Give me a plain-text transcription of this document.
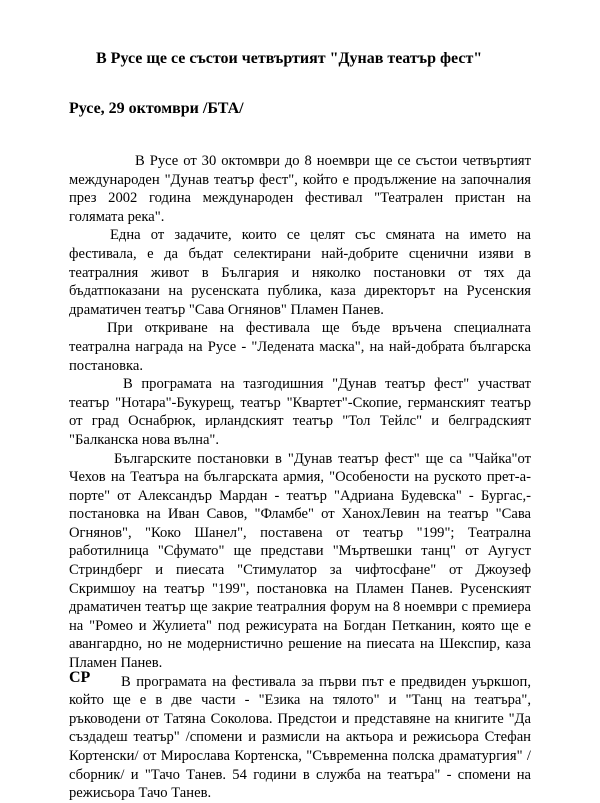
В Русе ще се състои четвъртият "Дунав театър фест"
Русе, 29 октомври /БТА/

В Русе от 30 октомври до 8 ноември ще се състои четвъртият международен "Дунав театър фест", който е продължение на започналия през 2002 година международен фестивал "Театрален пристан на голямата река".

Една от задачите, които се целят със смяната на името на фестивала, е да бъдат селектирани най-добрите сценични изяви в театралния живот в България и няколко постановки от тях да бъдатпоказани на русенската публика, каза директорът на Русенския драматичен театър "Сава Огнянов" Пламен Панев.

При откриване на фестивала ще бъде връчена специалната театрална награда на Русе - "Ледената маска", на най-добрата българска постановка.

В програмата на тазгодишния "Дунав театър фест" участват театър "Нотара"-Букурещ, театър "Квартет"-Скопие, германският театър от град Оснабрюк, ирландският театър "Тол Тейлс" и белградският "Балканска нова вълна".

Българските постановки в "Дунав театър фест" ще са "Чайка"от Чехов на Театъра на българската армия, "Особености на руското прет-а-порте" от Александър Мардан - театър "Адриана Будевска" - Бургас,- постановка на Иван Савов, "Фламбе" от ХанохЛевин на театър "Сава Огнянов", "Коко Шанел", поставена от театър "199"; Театрална работилница "Сфумато" ще представи "Мъртвешки танц" от Аугуст Стриндберг и пиесата "Стимулатор за чифтосфане" от Джоузеф Скримшоу на театър "199", постановка на Пламен Панев. Русенският драматичен театър ще закрие театралния форум на 8 ноември с премиера на "Ромео и Жулиета" под режисурата на Богдан Петканин, която ще е авангардно, но не модернистично решение на пиесата на Шекспир, каза Пламен Панев.

В програмата на фестивала за първи път е предвиден уъркшоп, който ще е в две части - "Езика на тялото" и "Танц на театъра", ръководени от Татяна Соколова. Предстои и представяне на книгите "Да създадеш театър" /спомени и размисли на актьора и режисьора Стефан Кортенски/ от Мирослава Кортенска, "Съвременна полска драматургия" /сборник/ и "Тачо Танев. 54 години в служба на театъра" - спомени на режисьора Тачо Танев.

СР
